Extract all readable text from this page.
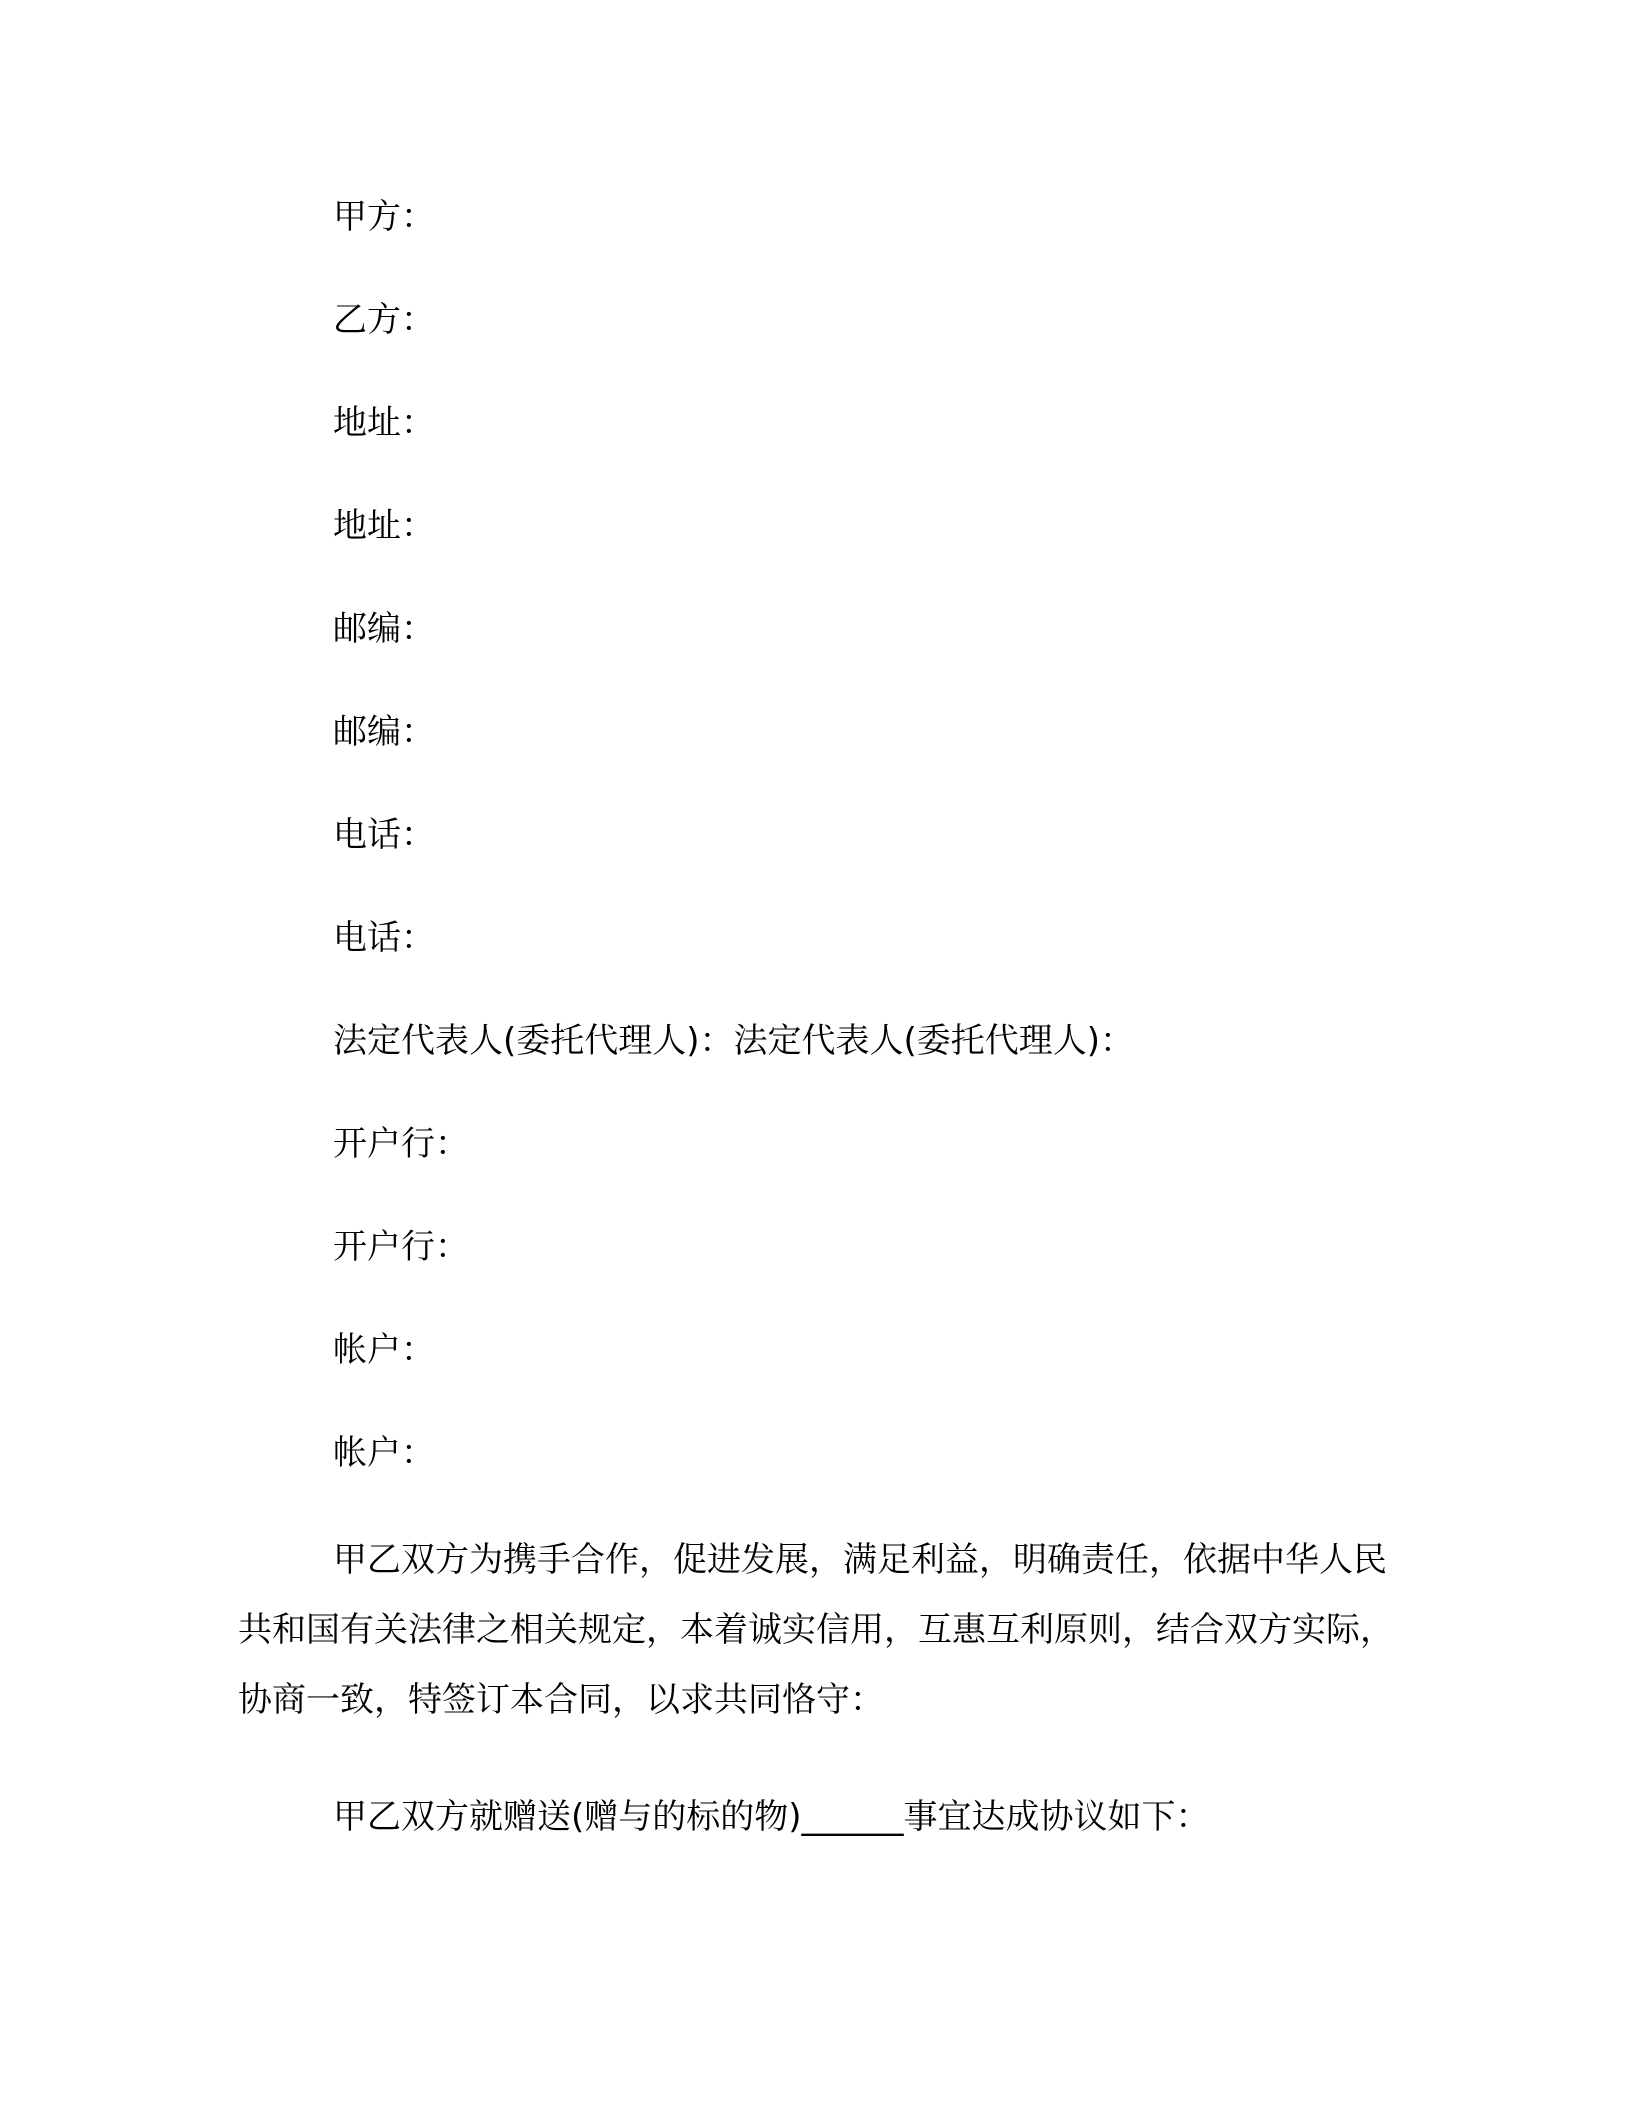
甲方：
乙方：
地址：
地址：
邮编：
邮编：
电话：
电话：
法定代表人(委托代理人)：法定代表人(委托代理人)：
开户行：
开户行：
帐户：
帐户：

甲乙双方为携手合作，促进发展，满足利益，明确责任，依据中华人民共和国有关法律之相关规定，本着诚实信用，互惠互利原则，结合双方实际，协商一致，特签订本合同，以求共同恪守：

甲乙双方就赠送(赠与的标的物)______事宜达成协议如下：
